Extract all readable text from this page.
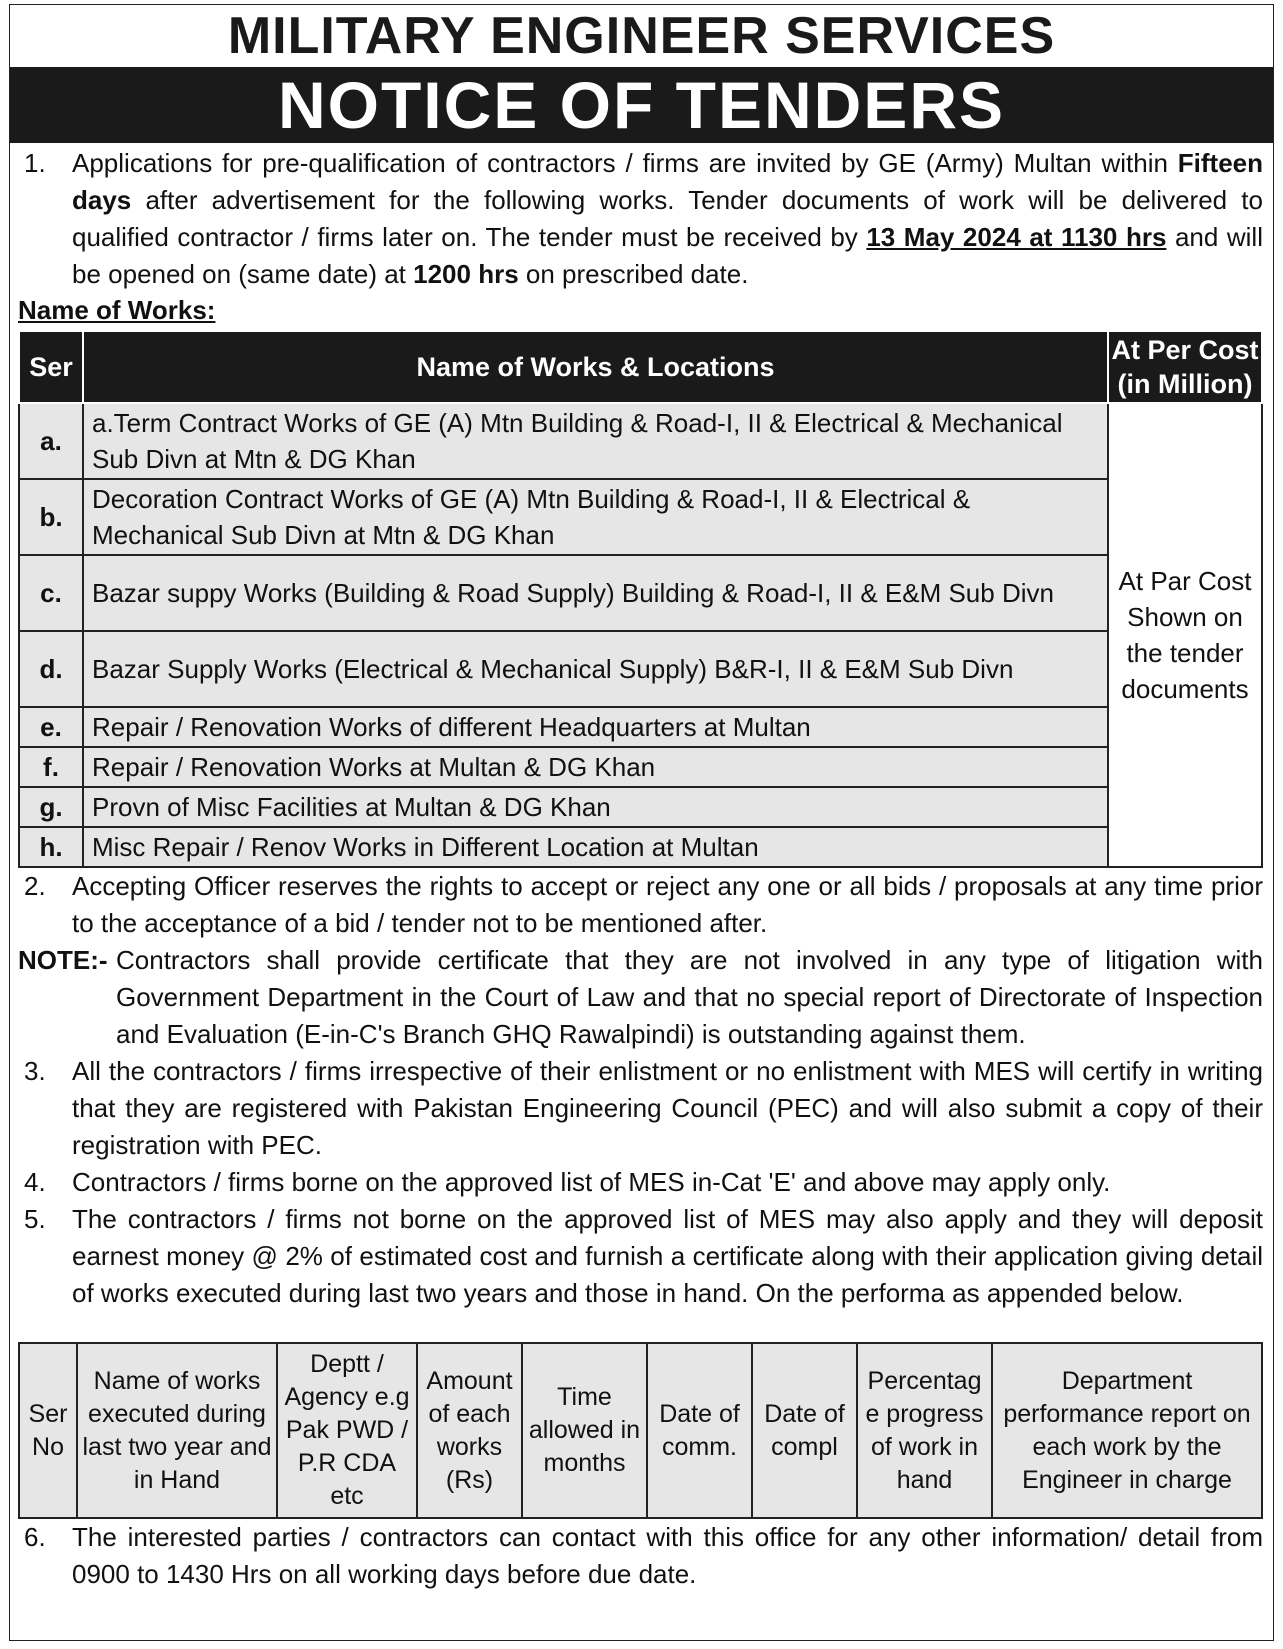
MILITARY ENGINEER SERVICES
NOTICE OF TENDERS
1.	Applications for pre-qualification of contractors / firms are invited by GE (Army) Multan within Fifteen days after advertisement for the following works. Tender documents of work will be delivered to qualified contractor / firms later on. The tender must be received by 13 May 2024 at 1130 hrs and will be opened on (same date) at 1200 hrs on prescribed date.
Name of Works:
Ser	Name of Works & Locations	At Per Cost (in Million)
a.	a.Term Contract Works of GE (A) Mtn Building & Road-I, II & Electrical & Mechanical Sub Divn at Mtn & DG Khan	At Par Cost Shown on the tender documents
b.	Decoration Contract Works of GE (A) Mtn Building & Road-I, II & Electrical & Mechanical Sub Divn at Mtn & DG Khan	
c.	Bazar suppy Works (Building & Road Supply) Building & Road-I, II & E&M Sub Divn	
d.	Bazar Supply Works (Electrical & Mechanical Supply) B&R-I, II & E&M Sub Divn	
e.	Repair / Renovation Works of different Headquarters at Multan	
f.	Repair / Renovation Works at Multan & DG Khan	
g.	Provn of Misc Facilities at Multan & DG Khan	
h.	Misc Repair / Renov Works in Different Location at Multan	
2.	Accepting Officer reserves the rights to accept or reject any one or all bids / proposals at any time prior to the acceptance of a bid / tender not to be mentioned after.
NOTE:- Contractors shall provide certificate that they are not involved in any type of litigation with Government Department in the Court of Law and that no special report of Directorate of Inspection and Evaluation (E-in-C's Branch GHQ Rawalpindi) is outstanding against them.
3.	All the contractors / firms irrespective of their enlistment or no enlistment with MES will certify in writing that they are registered with Pakistan Engineering Council (PEC) and will also submit a copy of their registration with PEC.
4.	Contractors / firms borne on the approved list of MES in-Cat 'E' and above may apply only.
5.	The contractors / firms not borne on the approved list of MES may also apply and they will deposit earnest money @ 2% of estimated cost and furnish a certificate along with their application giving detail of works executed during last two years and those in hand. On the performa as appended below.
Ser No	Name of works executed during last two year and in Hand	Deptt / Agency e.g Pak PWD / P.R CDA etc	Amount of each works (Rs)	Time allowed in months	Date of comm.	Date of compl	Percentag e progress of work in hand	Department performance report on each work by the Engineer in charge
6.	The interested parties / contractors can contact with this office for any other information/ detail from 0900 to 1430 Hrs on all working days before due date.
